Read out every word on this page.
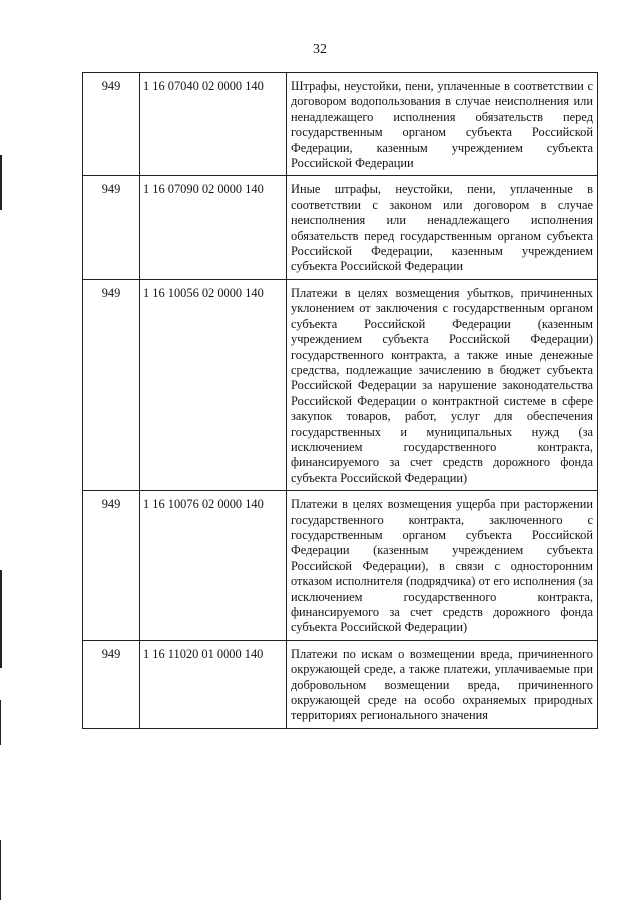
32
949	1 16 07040 02 0000 140	Штрафы, неустойки, пени, уплаченные в соответствии с договором водопользования в случае неисполнения или ненадлежащего исполнения обязательств перед государственным органом субъекта Российской Федерации, казенным учреждением субъекта Российской Федерации
949	1 16 07090 02 0000 140	Иные штрафы, неустойки, пени, уплаченные в соответствии с законом или договором в случае неисполнения или ненадлежащего исполнения обязательств перед государственным органом субъекта Российской Федерации, казенным учреждением субъекта Российской Федерации
949	1 16 10056 02 0000 140	Платежи в целях возмещения убытков, причиненных уклонением от заключения с государственным органом субъекта Российской Федерации (казенным учреждением субъекта Российской Федерации) государственного контракта, а также иные денежные средства, подлежащие зачислению в бюджет субъекта Российской Федерации за нарушение законодательства Российской Федерации о контрактной системе в сфере закупок товаров, работ, услуг для обеспечения государственных и муниципальных нужд (за исключением государственного контракта, финансируемого за счет средств дорожного фонда субъекта Российской Федерации)
949	1 16 10076 02 0000 140	Платежи в целях возмещения ущерба при расторжении государственного контракта, заключенного с государственным органом субъекта Российской Федерации (казенным учреждением субъекта Российской Федерации), в связи с односторонним отказом исполнителя (подрядчика) от его исполнения (за исключением государственного контракта, финансируемого за счет средств дорожного фонда субъекта Российской Федерации)
949	1 16 11020 01 0000 140	Платежи по искам о возмещении вреда, причиненного окружающей среде, а также платежи, уплачиваемые при добровольном возмещении вреда, причиненного окружающей среде на особо охраняемых природных территориях регионального значения
